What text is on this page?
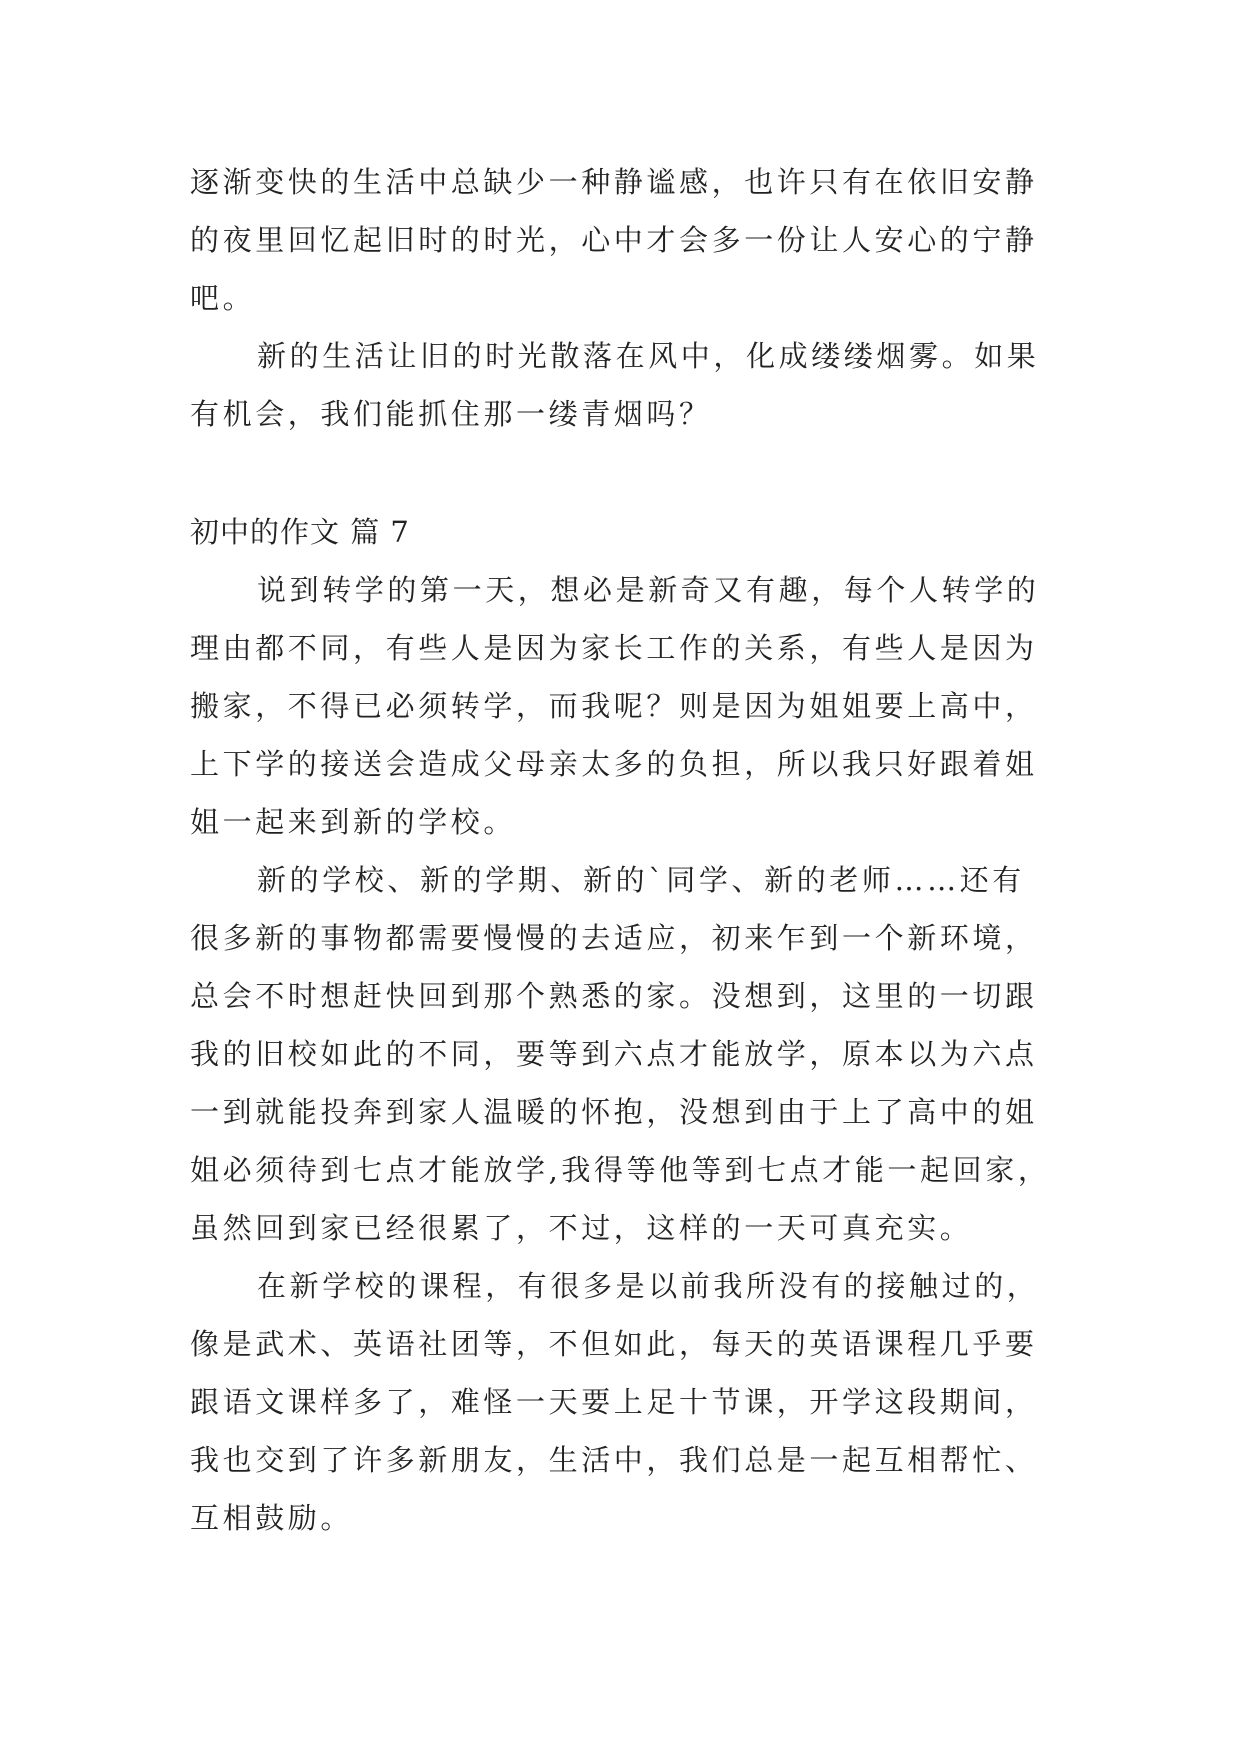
逐渐变快的生活中总缺少一种静谧感，也许只有在依旧安静

的夜里回忆起旧时的时光，心中才会多一份让人安心的宁静

吧。

新的生活让旧的时光散落在风中，化成缕缕烟雾。如果

有机会，我们能抓住那一缕青烟吗？

初中的作文 篇 7

说到转学的第一天，想必是新奇又有趣，每个人转学的

理由都不同，有些人是因为家长工作的关系，有些人是因为

搬家，不得已必须转学，而我呢？则是因为姐姐要上高中，

上下学的接送会造成父母亲太多的负担，所以我只好跟着姐

姐一起来到新的学校。

新的学校、新的学期、新的`同学、新的老师……还有

很多新的事物都需要慢慢的去适应，初来乍到一个新环境，

总会不时想赶快回到那个熟悉的家。没想到，这里的一切跟

我的旧校如此的不同，要等到六点才能放学，原本以为六点

一到就能投奔到家人温暖的怀抱，没想到由于上了高中的姐

姐必须待到七点才能放学,我得等他等到七点才能一起回家，

虽然回到家已经很累了，不过，这样的一天可真充实。

在新学校的课程，有很多是以前我所没有的接触过的，

像是武术、英语社团等，不但如此，每天的英语课程几乎要

跟语文课样多了，难怪一天要上足十节课，开学这段期间，

我也交到了许多新朋友，生活中，我们总是一起互相帮忙、

互相鼓励。
